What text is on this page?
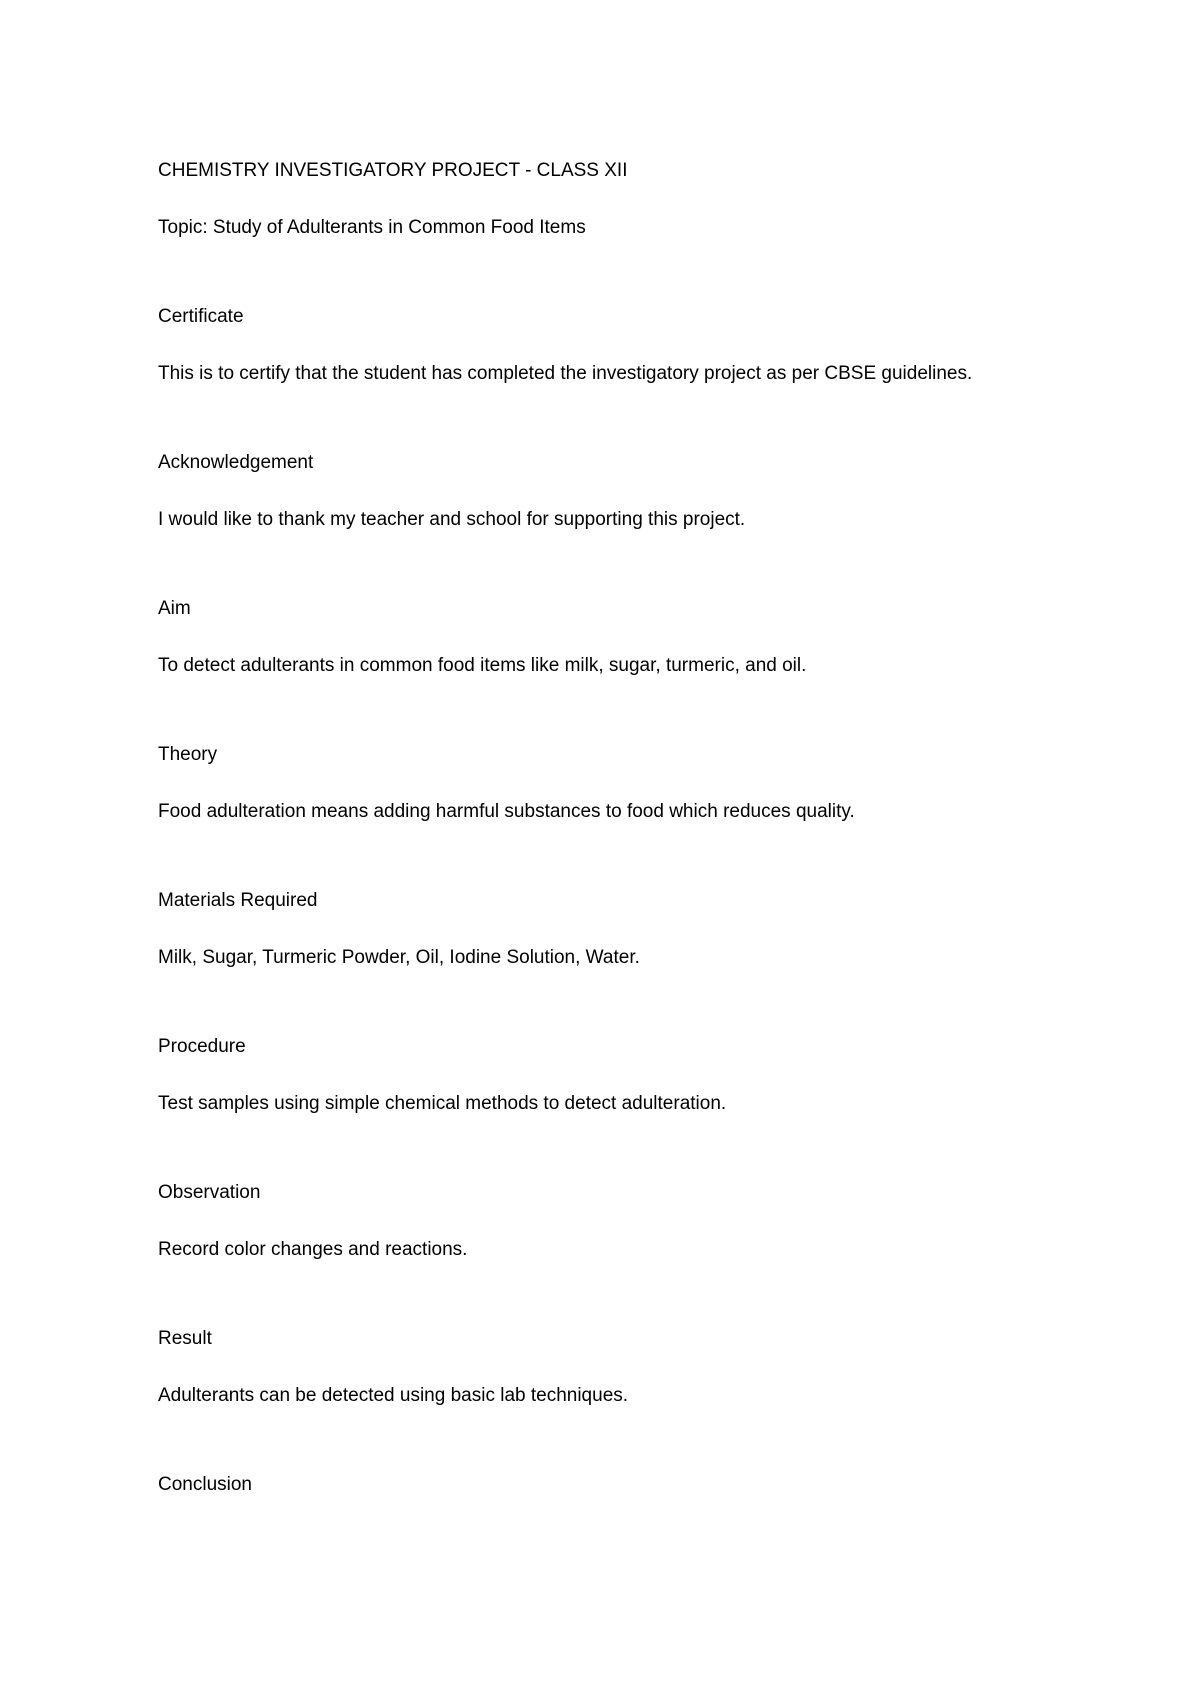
CHEMISTRY INVESTIGATORY PROJECT - CLASS XII

Topic: Study of Adulterants in Common Food Items

Certificate

This is to certify that the student has completed the investigatory project as per CBSE guidelines.

Acknowledgement

I would like to thank my teacher and school for supporting this project.

Aim

To detect adulterants in common food items like milk, sugar, turmeric, and oil.

Theory

Food adulteration means adding harmful substances to food which reduces quality.

Materials Required

Milk, Sugar, Turmeric Powder, Oil, Iodine Solution, Water.

Procedure

Test samples using simple chemical methods to detect adulteration.

Observation

Record color changes and reactions.

Result

Adulterants can be detected using basic lab techniques.

Conclusion
